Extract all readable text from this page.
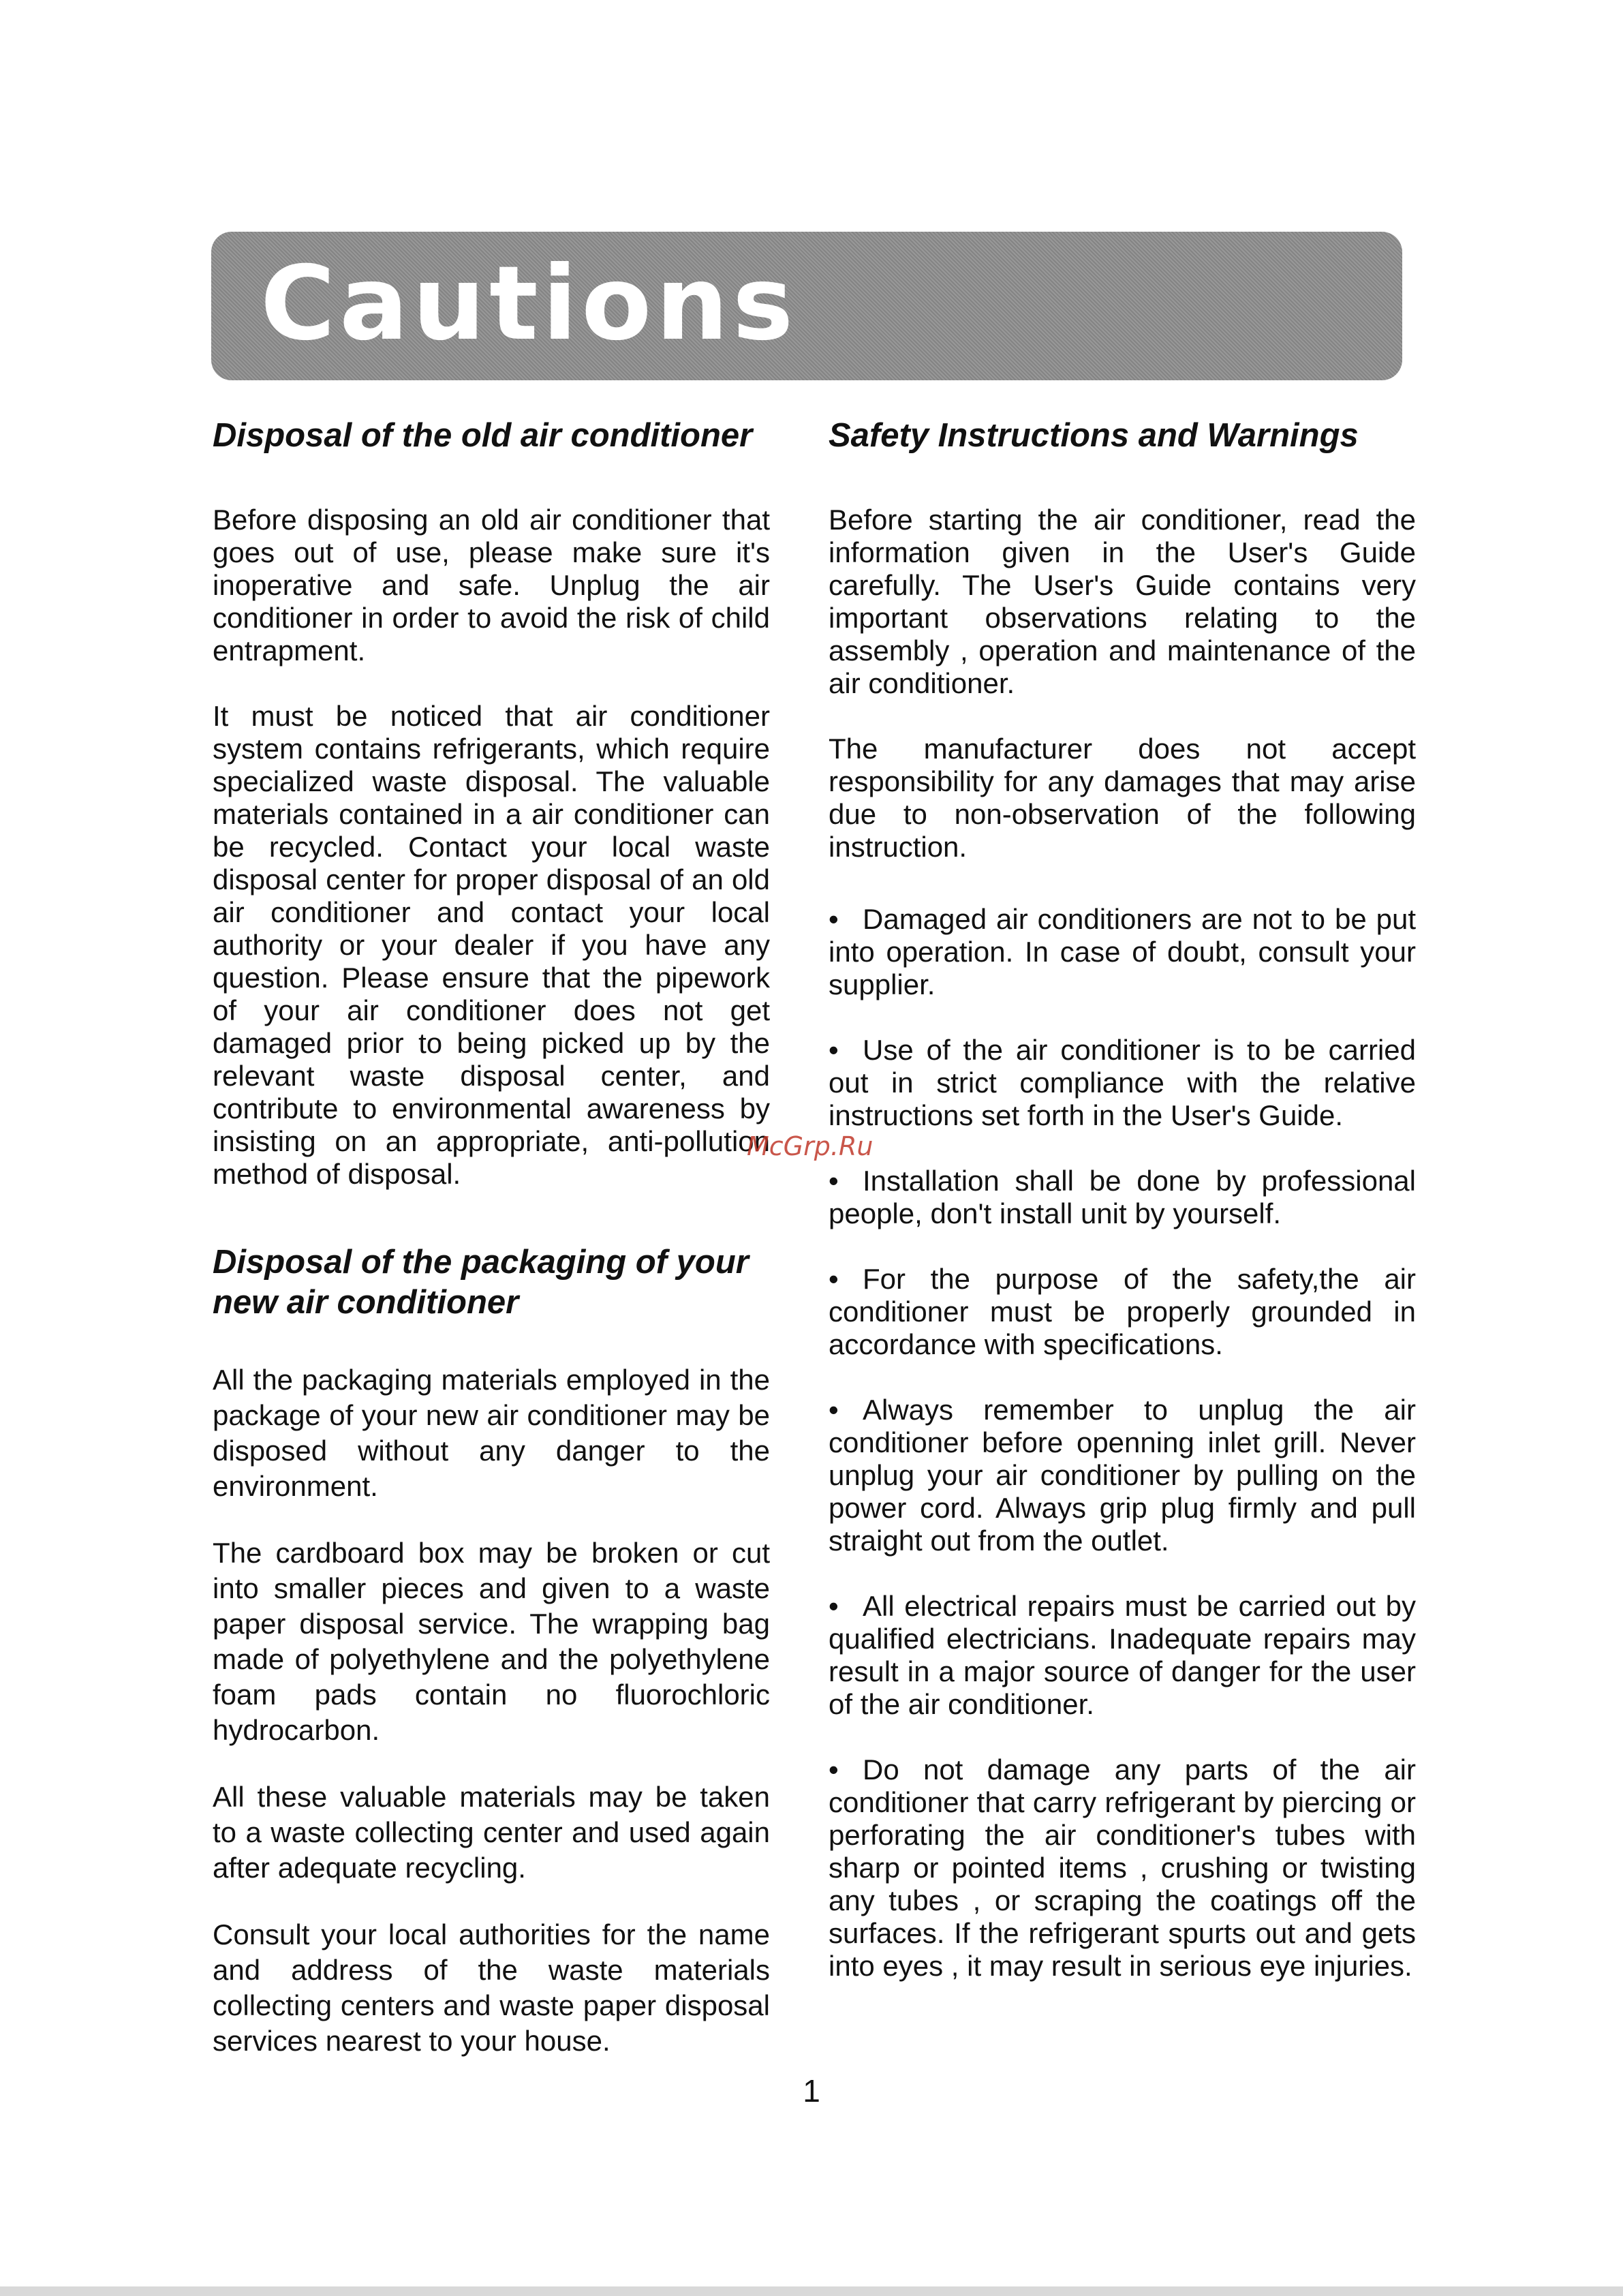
Cautions
Disposal of the old air conditioner

Before disposing an old air conditioner that goes out of use, please make sure it's inoperative and safe. Unplug the air conditioner in order to avoid the risk of child entrapment.

It must be noticed that air conditioner system contains refrigerants, which require specialized waste disposal. The valuable materials contained in a air conditioner can be recycled. Contact your local waste disposal center for proper disposal of an old air conditioner and contact your local authority or your dealer if you have any question. Please ensure that the pipework of your air conditioner does not get damaged prior to being picked up by the relevant waste disposal center, and contribute to environmental awareness by insisting on an appropriate, anti-pollution method of disposal.

Disposal of the packaging of your new air conditioner

All the packaging materials employed in the package of your new air conditioner may be disposed without any danger to the environment.

The cardboard box may be broken or cut into smaller pieces and given to a waste paper disposal service. The wrapping bag made of polyethylene and the polyethylene foam pads contain no fluorochloric hydrocarbon.

All these valuable materials may be taken to a waste collecting center and used again after adequate recycling.

Consult your local authorities for the name and address of the waste materials collecting centers and waste paper disposal services nearest to your house.

Safety Instructions and Warnings

Before starting the air conditioner, read the information given in the User's Guide carefully. The User's Guide contains very important observations relating to the assembly , operation and maintenance of the air conditioner.

The manufacturer does not accept responsibility for any damages that may arise due to non-observation of the following instruction.

• Damaged air conditioners are not to be put into operation. In case of doubt, consult your supplier.
• Use of the air conditioner is to be carried out in strict compliance with the relative instructions set forth in the User's Guide.
• Installation shall be done by professional people, don't install unit by yourself.
• For the purpose of the safety,the air conditioner must be properly grounded in accordance with specifications.
• Always remember to unplug the air conditioner before openning inlet grill. Never unplug your air conditioner by pulling on the power cord. Always grip plug firmly and pull straight out from the outlet.
• All electrical repairs must be carried out by qualified electricians. Inadequate repairs may result in a major source of danger for the user of the air conditioner.
• Do not damage any parts of the air conditioner that carry refrigerant by piercing or perforating the air conditioner's tubes with sharp or pointed items , crushing or twisting any tubes , or scraping the coatings off the surfaces. If the refrigerant spurts out and gets into eyes , it may result in serious eye injuries.
McGrp.Ru
1
